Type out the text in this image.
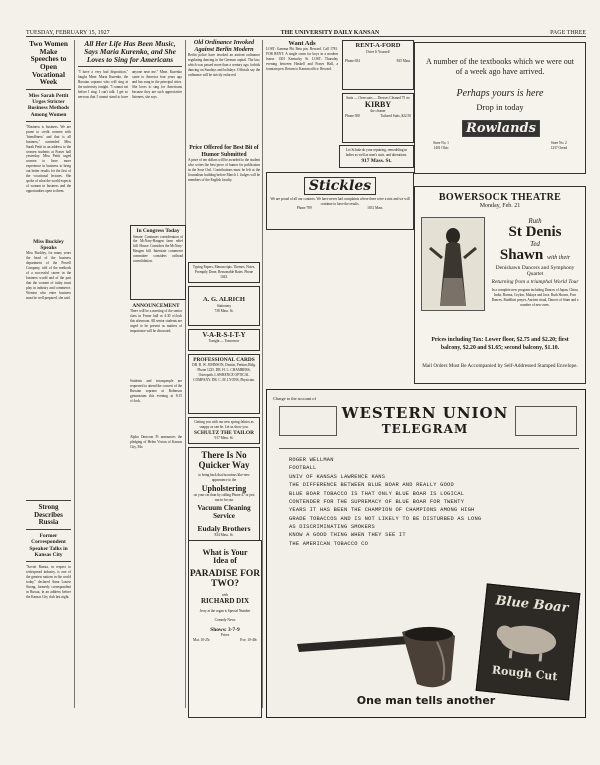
TUESDAY, FEBRUARY 15, 1927	THE UNIVERSITY DAILY KANSAN	PAGE THREE
Two Women Make Speeches to Open Vocational Week
Miss Sarah Pettit Urges Stricter Business Methods Among Women
"Business is business. We are prone to credit women with 'friendliness' and that is all business," contended Miss Sarah Pettit in an address to the women students at Fraser hall yesterday. Miss Pettit urged women to have more experience in business to bring out better results for the first of the vocational lectures. She spoke of what the world expects of women in business and the opportunities open to them.
Miss Buckley Speaks
Miss Buckley, for many years the head of the business department of the Powell Company, told of the methods of a successful career in the business world and of the part that the women of today must play in industry and commerce. Women who enter business must be well prepared, she said.
Strong Describes Russia
Former Correspondent Speaker Talks in Kansas City
"Soviet Russia, in respect to widespread industry, is one of the greatest nations in the world today," declared Anna Louise Strong, formerly correspondent in Russia, in an address before the Kansas City club last night.
All Her Life Has Been Music, Says Maria Kurenko, and She Loves to Sing for Americans
"I have a very bad disposition," laughs Mme. Maria Kurenko, the Russian soprano who will sing at the university tonight. "I cannot eat before I sing. I can't talk. I get so nervous that I cannot stand to have anyone near me." Mme. Kurenko came to America four years ago and has sung in the principal cities. She loves to sing for Americans because they are such appreciative listeners, she says.
In Congress Today
Senate: Continues consideration of the McNary-Haugen farm relief bill. House: Considers the McNary-Haugen bill. Interstate commerce committee considers railroad consolidation.
ANNOUNCEMENT
There will be a meeting of the senior class in Fraser hall at 4:30 o'clock this afternoon. All senior students are urged to be present as matters of importance will be discussed.
Students and townspeople are requested to attend the concert of the Russian soprano at Robinson gymnasium this evening at 8:15 o'clock.
Alpha Omicron Pi announces the pledging of Helen Vivian of Kansas City, Mo.
Old Ordinance Invoked Against Berlin Modern
Berlin police have invoked an ancient ordinance regulating dancing in the German capital. The law, which was passed more than a century ago, forbids dancing on Sundays and holidays. Officials say the ordinance will be strictly enforced.
Price Offered for Best Bit of Humor Submitted
A prize of ten dollars will be awarded to the student who writes the best piece of humor for publication in the Sour Owl. Contributions must be left at the Journalism building before March 1. Judges will be members of the English faculty.
Typing Papers, Manuscripts, Themes, Notes, Promptly Done, Reasonable Rates. Phone 1043.
A. G. ALRICH
Stationery
738 Mass. St.
V-A-R-S-I-T-Y
Tonight — Tomorrow
PROFESSIONAL CARDS
DR. R. W. JOHNSON, Dentist, Perkins Bldg. Phone 1225. DR. H. L. CHAMBERS, Osteopath. LAWRENCE OPTICAL COMPANY. DR. C. M. LYONS, Physician.
Getting you with our new spring fabrics as snappy as can be. Let us show you.
SCHULTZ THE TAILOR
917 Mass. St.
There Is No
Quicker Way
to bring back that luxurious like-new appearance to the
Upholstering
on your car than by calling Phone 47 or just run in for our
Vacuum Cleaning Service
Eudaly Brothers
834 Mass. St.
Want Ads
LOST: Gamma Phi Beta pin. Reward. Call 1781. FOR RENT: A single room for boys in a modern house. 1301 Kentucky St. LOST: Thursday evening between Haskell and Fraser Hall, a fountain pen. Return to Kansan office. Reward.
RENT-A-FORD
Drive It Yourself
Phone 654	835 Mass.
Suits — Overcoats — Dresses Cleaned 75 cts
KIRBY
the cleaner
Phone 500	Tailored Suits, $22.50
Let Schulz do your repairing, remodeling in ladies as well as men's suits, and alterations.
917 Mass. St.
Stickles
We are proud of all our contacts. We have never had complaints where there were a mix and we will continue to have the results.
Phone 789	1031 Mass.
A number of the textbooks which we were out of a week ago have arrived.
Perhaps yours is here
Drop in today
Rowlands
Store No. 1
1401 Ohio
Store No. 2
1237 Oread
BOWERSOCK THEATRE
Monday, Feb. 21
Ruth
St Denis
Ted
Shawn with their
Denishawn Dancers and Symphony Quartet
Returning from a triumphal World Tour
In a complete new program including Dances of Japan, China, India, Burma, Ceylon, Malaya and Java. Ruth Shawn, Foot Dances, Buddhist prayer, Ancient ritual, Dances of Siam and a number of new ones.
Prices including Tax: Lower floor, $2.75 and $2.20; first balcony, $2.20 and $1.65; second balcony, $1.10.
Mail Orders Must Be Accompanied by Self-Addressed Stamped Envelope.
What is Your
Idea of
PARADISE FOR TWO?
with
RICHARD DIX
Jerry at the organ is Special Number
Comedy News
Shows: 3-7-9
Prices
Mat. 10-25c	Eve. 10-40c
Charge to the account of
WESTERN UNION
TELEGRAM
ROGER WELLMAN
FOOTBALL
UNIV OF KANSAS LAWRENCE KANS
THE DIFFERENCE BETWEEN BLUE BOAR AND REALLY GOOD
BLUE BOAR TOBACCO IS THAT ONLY BLUE BOAR IS LOGICAL
CONTENDER FOR THE SUPREMACY OF BLUE BOAR FOR TWENTY
YEARS IT HAS BEEN THE CHAMPION OF CHAMPIONS AMONG HIGH
GRADE TOBACCOS AND IS NOT LIKELY TO BE DISTURBED AS LONG
AS DISCRIMINATING SMOKERS
KNOW A GOOD THING WHEN THEY SEE IT
THE AMERICAN TOBACCO CO
Blue Boar
Rough Cut
One man tells another
